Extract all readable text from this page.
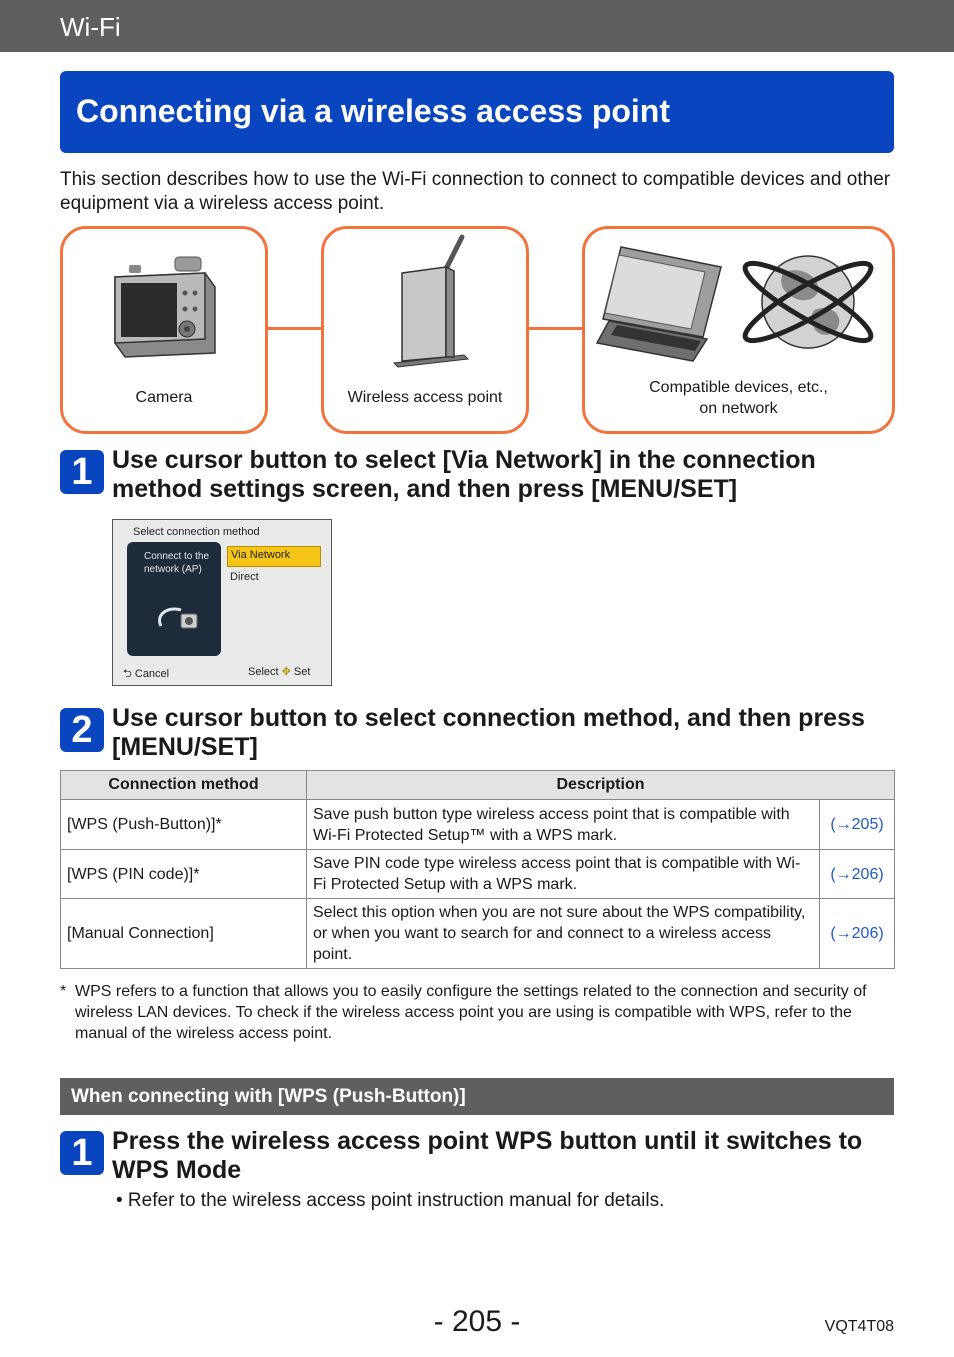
Wi-Fi
Connecting via a wireless access point
This section describes how to use the Wi-Fi connection to connect to compatible devices and other equipment via a wireless access point.
Camera	Wireless access point
Compatible devices, etc.,
on network
1 Use cursor button to select [Via Network] in the connection method settings screen, and then press [MENU/SET]
Select connection method
Connect to the network (AP)
Via Network
Direct
⮌ Cancel	Select ✥ Set
2 Use cursor button to select connection method, and then press [MENU/SET]
Connection method	Description	
[WPS (Push-Button)]*	Save push button type wireless access point that is compatible with Wi-Fi Protected Setup™ with a WPS mark.	(→205)
[WPS (PIN code)]*	Save PIN code type wireless access point that is compatible with Wi-Fi Protected Setup with a WPS mark.	(→206)
[Manual Connection]	Select this option when you are not sure about the WPS compatibility, or when you want to search for and connect to a wireless access point.	(→206)
* WPS refers to a function that allows you to easily configure the settings related to the connection and security of wireless LAN devices. To check if the wireless access point you are using is compatible with WPS, refer to the manual of the wireless access point.
When connecting with [WPS (Push-Button)]
1 Press the wireless access point WPS button until it switches to WPS Mode
• Refer to the wireless access point instruction manual for details.
- 205 -	VQT4T08
